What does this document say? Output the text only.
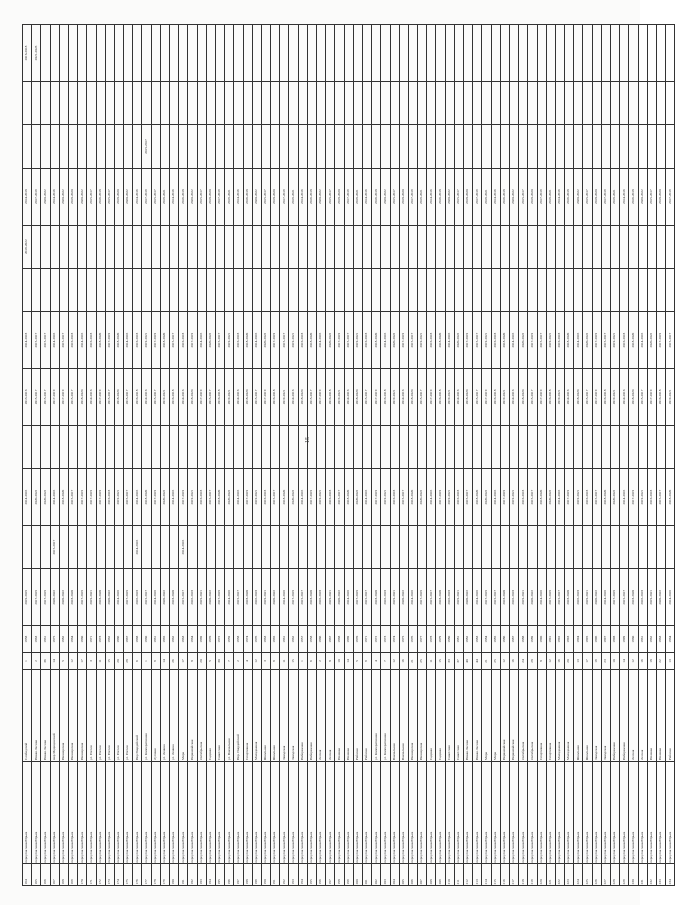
164	переулок маш.Юрьев	Слободской	1	1958	2019-2019		2014-2016		2013-2016	2014-2018		2019-2022	2014-2018			2016-2018
165	переулок маш.Юрьев	Новая Лесная	2	1963	2017-2019		2020-2022		2015-2017	2015-2017			2017-2019			2021-2023
166	переулок маш.Юрьев	Новая Лесная	36	1961	2017-2019		2020-2022		2015-2017	2015-2017			2020-2022			
167	переулок маш.Юрьев	мкр Медицинский	14	1975	2020-2022	2015-2017	2014-2016		2017-2019	2014-2016			2014-2016			
168	переулок маш.Юрьев	Пионерская	5	1982	2020-2022		2018-2020		2017-2019	2015-2017			2020-2022			
169	переулок маш.Юрьев	Пионерская	12	1964	2018-2020		2015-2017		2015-2017	2016-2018			2018-2020			
170	переулок маш.Юрьев	Пионерская	17	1960	2017-2019		2017-2019		2018-2020	2014-2016			2020-2022			
171	переулок маш.Юрьев	ул. Гоголя	3	1971	2019-2021		2017-2019		2014-2016	2016-2018			2015-2017			
172	переулок маш.Юрьев	ул. Гоголя	11	1973	2018-2020		2017-2019		2017-2019	2018-2020			2016-2018			
173	переулок маш.Юрьев	ул. Гоголя	15	1962	2020-2022		2016-2018		2015-2017	2017-2019			2015-2017			
174	переулок маш.Юрьев	ул. Гоголя	20	1966	2014-2016		2019-2021		2018-2020	2018-2020			2018-2020			
175	переулок маш.Юрьев	ул. Гоголя	28	1967	2017-2019		2015-2017		2015-2017	2014-2016			2020-2022			
176	переулок маш.Юрьев	Пер Гвардейский	6	1968	2016-2018	2014-2016	2014-2016		2016-2018	2016-2018			2014-2016			
177	переулок маш.Юрьев	ул. Кооперативная	1	1960	2015-2017		2018-2020		2014-2016	2019-2021			2017-2019	2015-2017		
178	переулок маш.Юрьев	Луговая	9	1961	2014-2016		2017-2019		2015-2017	2017-2019			2015-2017			
179	переулок маш.Юрьев	ул. Ленина	14	1965	2020-2022		2020-2022		2019-2021	2018-2020			2019-2021			
180	переулок маш.Юрьев	ул. Ленина	26	1962	2018-2020		2014-2016		2016-2018	2015-2017			2014-2016			
181	переулок маш.Юрьев	Мира	17	1963	2015-2017	2014-2016	2017-2019		2014-2016	2016-2018			2016-2018			
182	переулок маш.Юрьев	Первомайская	8	1964	2016-2018		2019-2021		2018-2020	2017-2019			2020-2022			
183	переулок маш.Юрьев	Октябрьская	20	1969	2019-2021		2016-2018		2017-2019	2014-2016			2015-2017			
184	переулок маш.Юрьев	Садовая	5	1970	2020-2022		2015-2017		2015-2017	2020-2022			2018-2020			
185	переулок маш.Юрьев	Советская	30	1972	2017-2019		2018-2020		2016-2018	2015-2017			2017-2019			
186	переулок маш.Юрьев	ул. Вокзальная	7	1959	2014-2016		2020-2022		2019-2021	2019-2021			2019-2021			
187	переулок маш.Юрьев	Пер. Гвардейский	2	1958	2015-2017		2014-2016		2014-2016	2016-2018			2014-2016			
188	переулок маш.Юрьев	Спортивная	4	1974	2018-2020		2017-2019		2018-2020	2018-2020			2016-2018			
189	переулок маш.Юрьев	Молодежная	12	1976	2016-2018		2019-2021		2015-2017	2014-2016			2020-2022			
190	переулок маш.Юрьев	Школьная	3	1963	2019-2021		2016-2018		2017-2019	2020-2022			2015-2017			
191	переулок маш.Юрьев	Школьная	9	1965	2020-2022		2015-2017		2016-2018	2017-2019			2018-2020			
192	переулок маш.Юрьев	Заводская	11	1961	2014-2016		2018-2020		2019-2021	2015-2017			2017-2019			
193	переулок маш.Юрьев	Заводская	15	1962	2017-2019		2020-2022		2014-2016	2019-2021			2019-2021			
194	переулок маш.Юрьев	Набережная	1	1957	2015-2017		2014-2016		2018-2020	2016-2018			2014-2016			
195	переулок маш.Юрьев	Набережная	6	1958	2018-2020		2017-2019		2015-2017	2018-2020			2016-2018			
196	переулок маш.Юрьев	Лесная	2	1966	2016-2018		2019-2021		2017-2019	2014-2016			2020-2022			
197	переулок маш.Юрьев	Лесная	8	1967	2019-2021		2016-2018		2016-2018	2020-2022			2015-2017			
198	переулок маш.Юрьев	Полевая	10	1968	2020-2022		2015-2017		2019-2021	2017-2019			2018-2020			
199	переулок маш.Юрьев	Полевая	14	1969	2014-2016		2018-2020		2014-2016	2015-2017			2017-2019			
200	переулок маш.Юрьев	Рабочая	5	1970	2017-2019		2020-2022		2018-2020	2019-2021			2019-2021			
201	переулок маш.Юрьев	Рабочая	9	1971	2015-2017		2014-2016		2015-2017	2016-2018			2014-2016			
202	переулок маш.Юрьев	ул. Кооперативная	4	1972	2018-2020		2017-2019		2017-2019	2018-2020			2016-2018			
203	переулок маш.Юрьев	ул. Кооперативная	7	1973	2016-2018		2019-2021		2016-2018	2014-2016			2020-2022			
204	переулок маш.Юрьев	Вокзальная	12	1974	2019-2021		2016-2018		2019-2021	2020-2022			2015-2017			
205	переулок маш.Юрьев	Вокзальная	16	1975	2020-2022		2015-2017		2014-2016	2017-2019			2018-2020			
206	переулок маш.Юрьев	Пионерская	21	1976	2014-2016		2018-2020		2018-2020	2015-2017			2017-2019			
207	переулок маш.Юрьев	Пионерская	25	1977	2017-2019		2020-2022		2015-2017	2019-2021			2019-2021			
208	переулок маш.Юрьев	Садовая	11	1978	2015-2017		2014-2016		2017-2019	2016-2018			2014-2016			
209	переулок маш.Юрьев	Садовая	15	1979	2018-2020		2017-2019		2016-2018	2018-2020			2016-2018			
210	переулок маш.Юрьев	Советская	33	1980	2016-2018		2019-2021		2019-2021	2014-2016			2020-2022			
211	переулок маш.Юрьев	Советская	37	1981	2019-2021		2016-2018		2014-2016	2020-2022			2015-2017			
212	переулок маш.Юрьев	Новая Лесная	40	1982	2020-2022		2015-2017		2018-2020	2017-2019			2018-2020			
213	переулок маш.Юрьев	Новая Лесная	44	1983	2014-2016		2018-2020		2015-2017	2015-2017			2017-2019			
214	переулок маш.Юрьев	Мира	21	1984	2017-2019		2020-2022		2017-2019	2019-2021			2019-2021			
215	переулок маш.Юрьев	Мира	25	1985	2015-2017		2014-2016		2016-2018	2016-2018			2014-2016			
216	переулок маш.Юрьев	Первомайская	12	1986	2018-2020		2017-2019		2019-2021	2018-2020			2016-2018			
217	переулок маш.Юрьев	Первомайская	16	1987	2016-2018		2019-2021		2014-2016	2014-2016			2020-2022			
218	переулок маш.Юрьев	Октябрьская	24	1988	2019-2021		2016-2018		2018-2020	2020-2022			2015-2017			
219	переулок маш.Юрьев	Октябрьская	28	1989	2020-2022		2015-2017		2015-2017	2017-2019			2018-2020			
220	переулок маш.Юрьев	Спортивная	8	1990	2014-2016		2018-2020		2017-2019	2015-2017			2017-2019			
221	переулок маш.Юрьев	Спортивная	12	1991	2017-2019		2020-2022		2016-2018	2019-2021			2019-2021			
222	переулок маш.Юрьев	Молодежная	16	1992	2015-2017		2014-2016		2019-2021	2016-2018			2014-2016			
223	переулок маш.Юрьев	Молодежная	20	1993	2018-2020		2017-2019		2014-2016	2018-2020			2016-2018			
224	переулок маш.Юрьев	Школьная	13	1994	2016-2018		2019-2021		2018-2020	2014-2016			2020-2022			
225	переулок маш.Юрьев	Школьная	17	1995	2019-2021		2016-2018		2015-2017	2020-2022			2015-2017			
226	переулок маш.Юрьев	Заводская	19	1996	2020-2022		2015-2017		2017-2019	2017-2019			2018-2020			
227	переулок маш.Юрьев	Заводская	23	1997	2014-2016		2018-2020		2016-2018	2015-2017			2017-2019			
228	переулок маш.Юрьев	Набережная	10	1998	2017-2019		2020-2022		2019-2021	2019-2021			2019-2021			
229	переулок маш.Юрьев	Набережная	14	1999	2015-2017		2014-2016		2014-2016	2016-2018			2014-2016			
230	переулок маш.Юрьев	Лесная	12	1960	2018-2020		2017-2019		2018-2020	2018-2020			2016-2018			
231	переулок маш.Юрьев	Лесная	16	1961	2016-2018		2019-2021		2015-2017	2014-2016			2020-2022			
232	переулок маш.Юрьев	Полевая	18	1962	2019-2021		2016-2018		2017-2019	2020-2022			2015-2017			
233	переулок маш.Юрьев	Полевая	22	1963	2020-2022		2015-2017		2016-2018	2017-2019			2018-2020			
234	переулок маш.Юрьев	Рабочая	13	1964	2014-2016		2018-2020		2019-2021	2015-2017			2017-2019			
15
